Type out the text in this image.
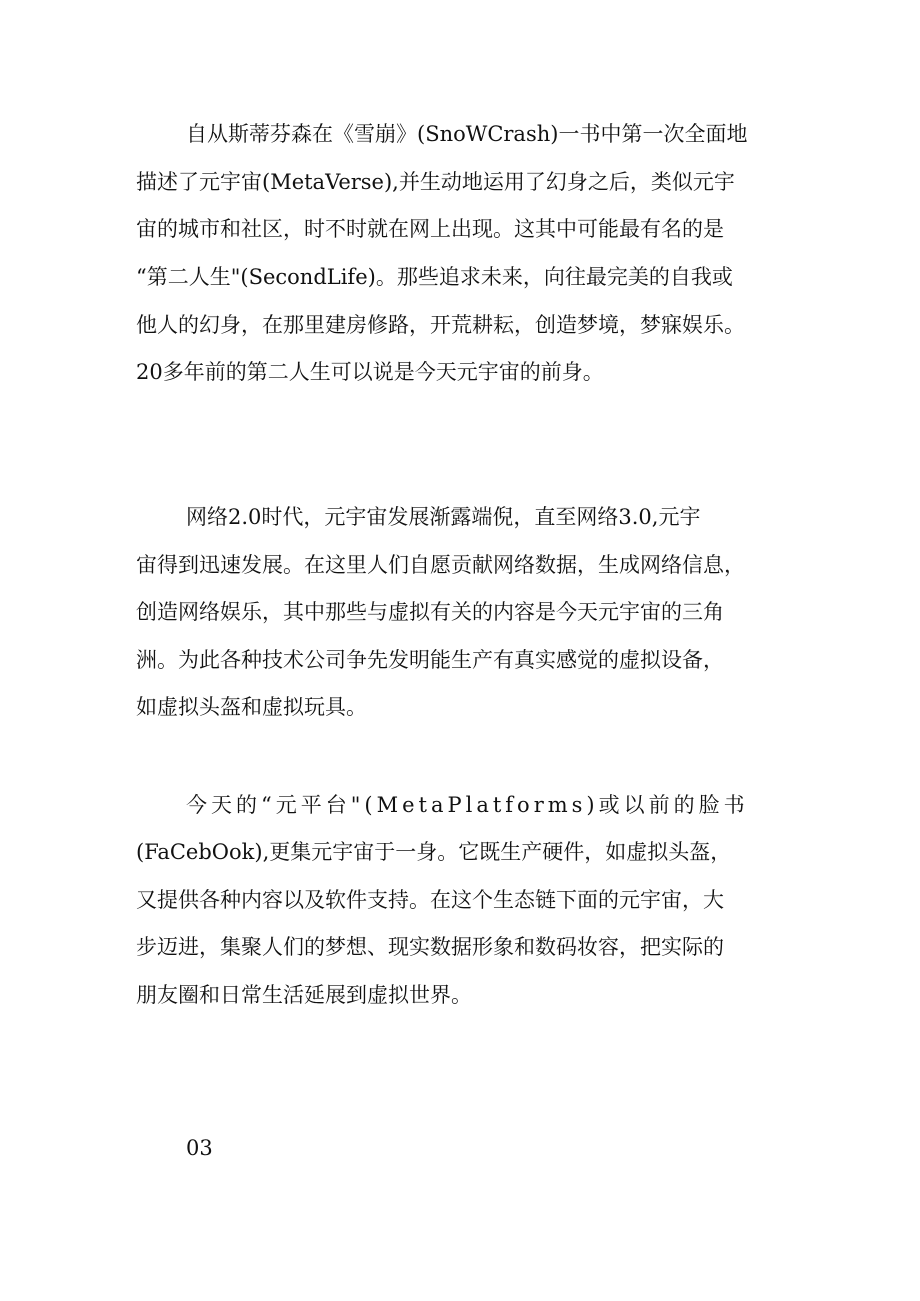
自从斯蒂芬森在《雪崩》(SnoWCrash)一书中第一次全面地
描述了元宇宙(MetaVerse),并生动地运用了幻身之后，类似元宇
宙的城市和社区，时不时就在网上出现。这其中可能最有名的是
“第二人生"(SecondLife)。那些追求未来，向往最完美的自我或
他人的幻身，在那里建房修路，开荒耕耘，创造梦境，梦寐娱乐。
20多年前的第二人生可以说是今天元宇宙的前身。
网络2.0时代，元宇宙发展渐露端倪，直至网络3.0,元宇
宙得到迅速发展。在这里人们自愿贡献网络数据，生成网络信息，
创造网络娱乐，其中那些与虚拟有关的内容是今天元宇宙的三角
洲。为此各种技术公司争先发明能生产有真实感觉的虚拟设备，
如虚拟头盔和虚拟玩具。
今天的“元平台"(MetaPlatforms)或以前的脸书
(FaCebOok),更集元宇宙于一身。它既生产硬件，如虚拟头盔，
又提供各种内容以及软件支持。在这个生态链下面的元宇宙，大
步迈进，集聚人们的梦想、现实数据形象和数码妆容，把实际的
朋友圈和日常生活延展到虚拟世界。
03
